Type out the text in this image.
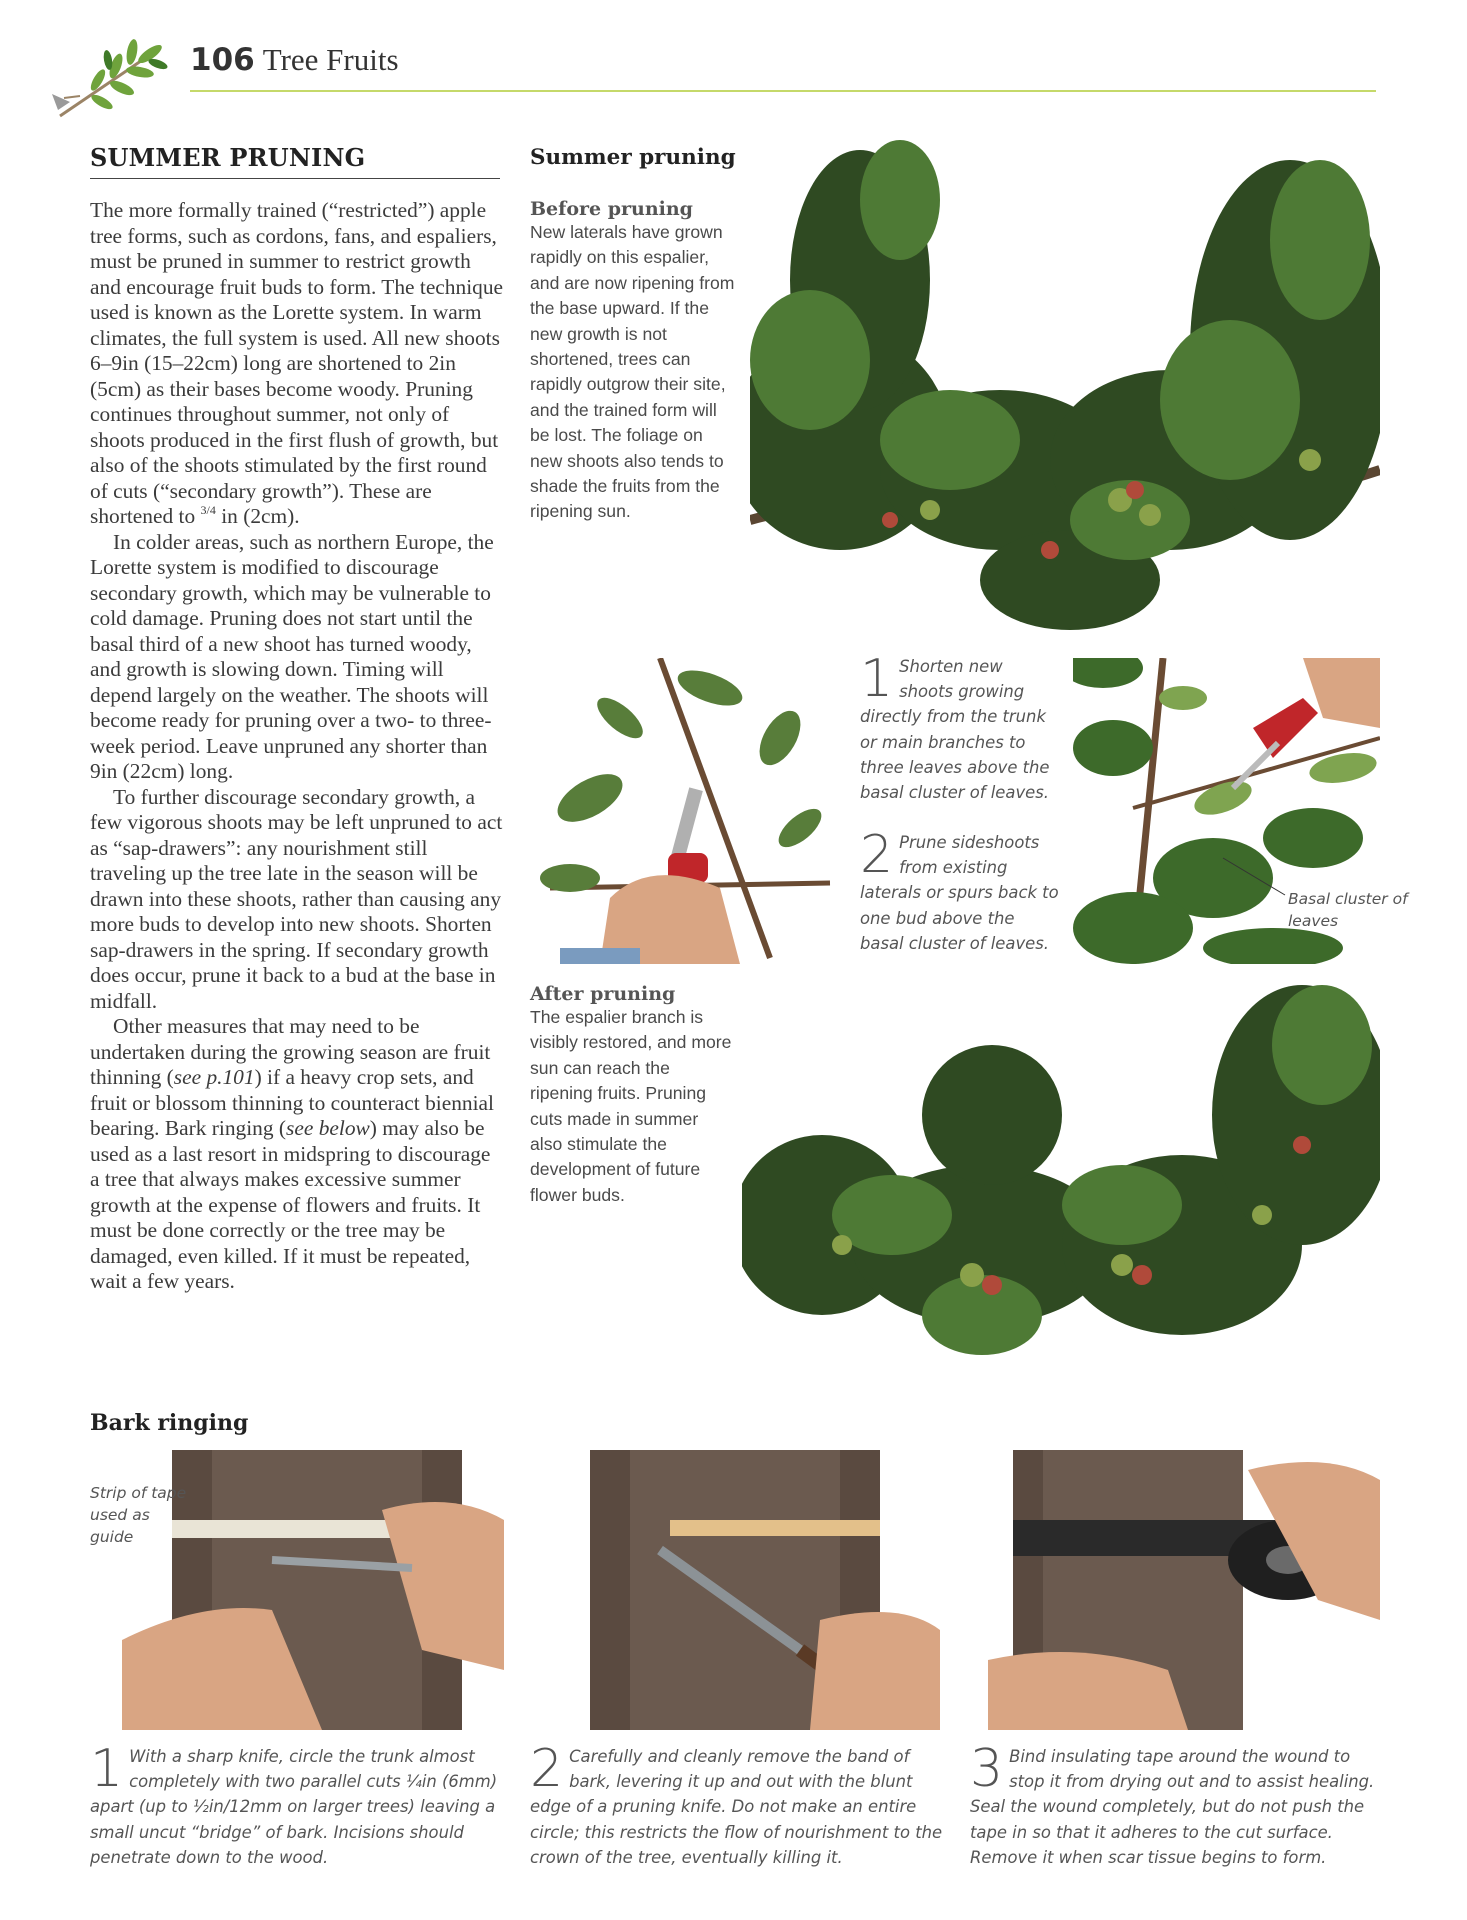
106 Tree Fruits
SUMMER PRUNING

The more formally trained (“restricted”) apple tree forms, such as cordons, fans, and espaliers, must be pruned in summer to restrict growth and encourage fruit buds to form. The technique used is known as the Lorette system. In warm climates, the full system is used. All new shoots 6–9in (15–22cm) long are shortened to 2in (5cm) as their bases become woody. Pruning continues throughout summer, not only of shoots produced in the first flush of growth, but also of the shoots stimulated by the first round of cuts (“secondary growth”). These are shortened to $^{3/4}$ in (2cm).

In colder areas, such as northern Europe, the Lorette system is modified to discourage secondary growth, which may be vulnerable to cold damage. Pruning does not start until the basal third of a new shoot has turned woody, and growth is slowing down. Timing will depend largely on the weather. The shoots will become ready for pruning over a two- to three-week period. Leave unpruned any shorter than 9in (22cm) long.

To further discourage secondary growth, a few vigorous shoots may be left unpruned to act as “sap-drawers”: any nourishment still traveling up the tree late in the season will be drawn into these shoots, rather than causing any more buds to develop into new shoots. Shorten sap-drawers in the spring. If secondary growth does occur, prune it back to a bud at the base in midfall.

Other measures that may need to be undertaken during the growing season are fruit thinning (see p.101) if a heavy crop sets, and fruit or blossom thinning to counteract biennial bearing. Bark ringing (see below) may also be used as a last resort in midspring to discourage a tree that always makes excessive summer growth at the expense of flowers and fruits. It must be done correctly or the tree may be damaged, even killed. If it must be repeated, wait a few years.

Bark ringing
Summer pruning
Before pruning
New laterals have grown rapidly on this espalier, and are now ripening from the base upward. If the new growth is not shortened, trees can rapidly outgrow their site, and the trained form will be lost. The foliage on new shoots also tends to shade the fruits from the ripening sun.
After pruning
The espalier branch is visibly restored, and more sun can reach the ripening fruits. Pruning cuts made in summer also stimulate the development of future flower buds.
1 Shorten new shoots growing directly from the trunk or main branches to three leaves above the basal cluster of leaves.
2 Prune sideshoots from existing laterals or spurs back to one bud above the basal cluster of leaves.
Basal cluster of leaves
Strip of tape used as guide
1 With a sharp knife, circle the trunk almost completely with two parallel cuts ¼in (6mm) apart (up to ½in/12mm on larger trees) leaving a small uncut “bridge” of bark. Incisions should penetrate down to the wood.
2 Carefully and cleanly remove the band of bark, levering it up and out with the blunt edge of a pruning knife. Do not make an entire circle; this restricts the flow of nourishment to the crown of the tree, eventually killing it.
3 Bind insulating tape around the wound to stop it from drying out and to assist healing. Seal the wound completely, but do not push the tape in so that it adheres to the cut surface. Remove it when scar tissue begins to form.
